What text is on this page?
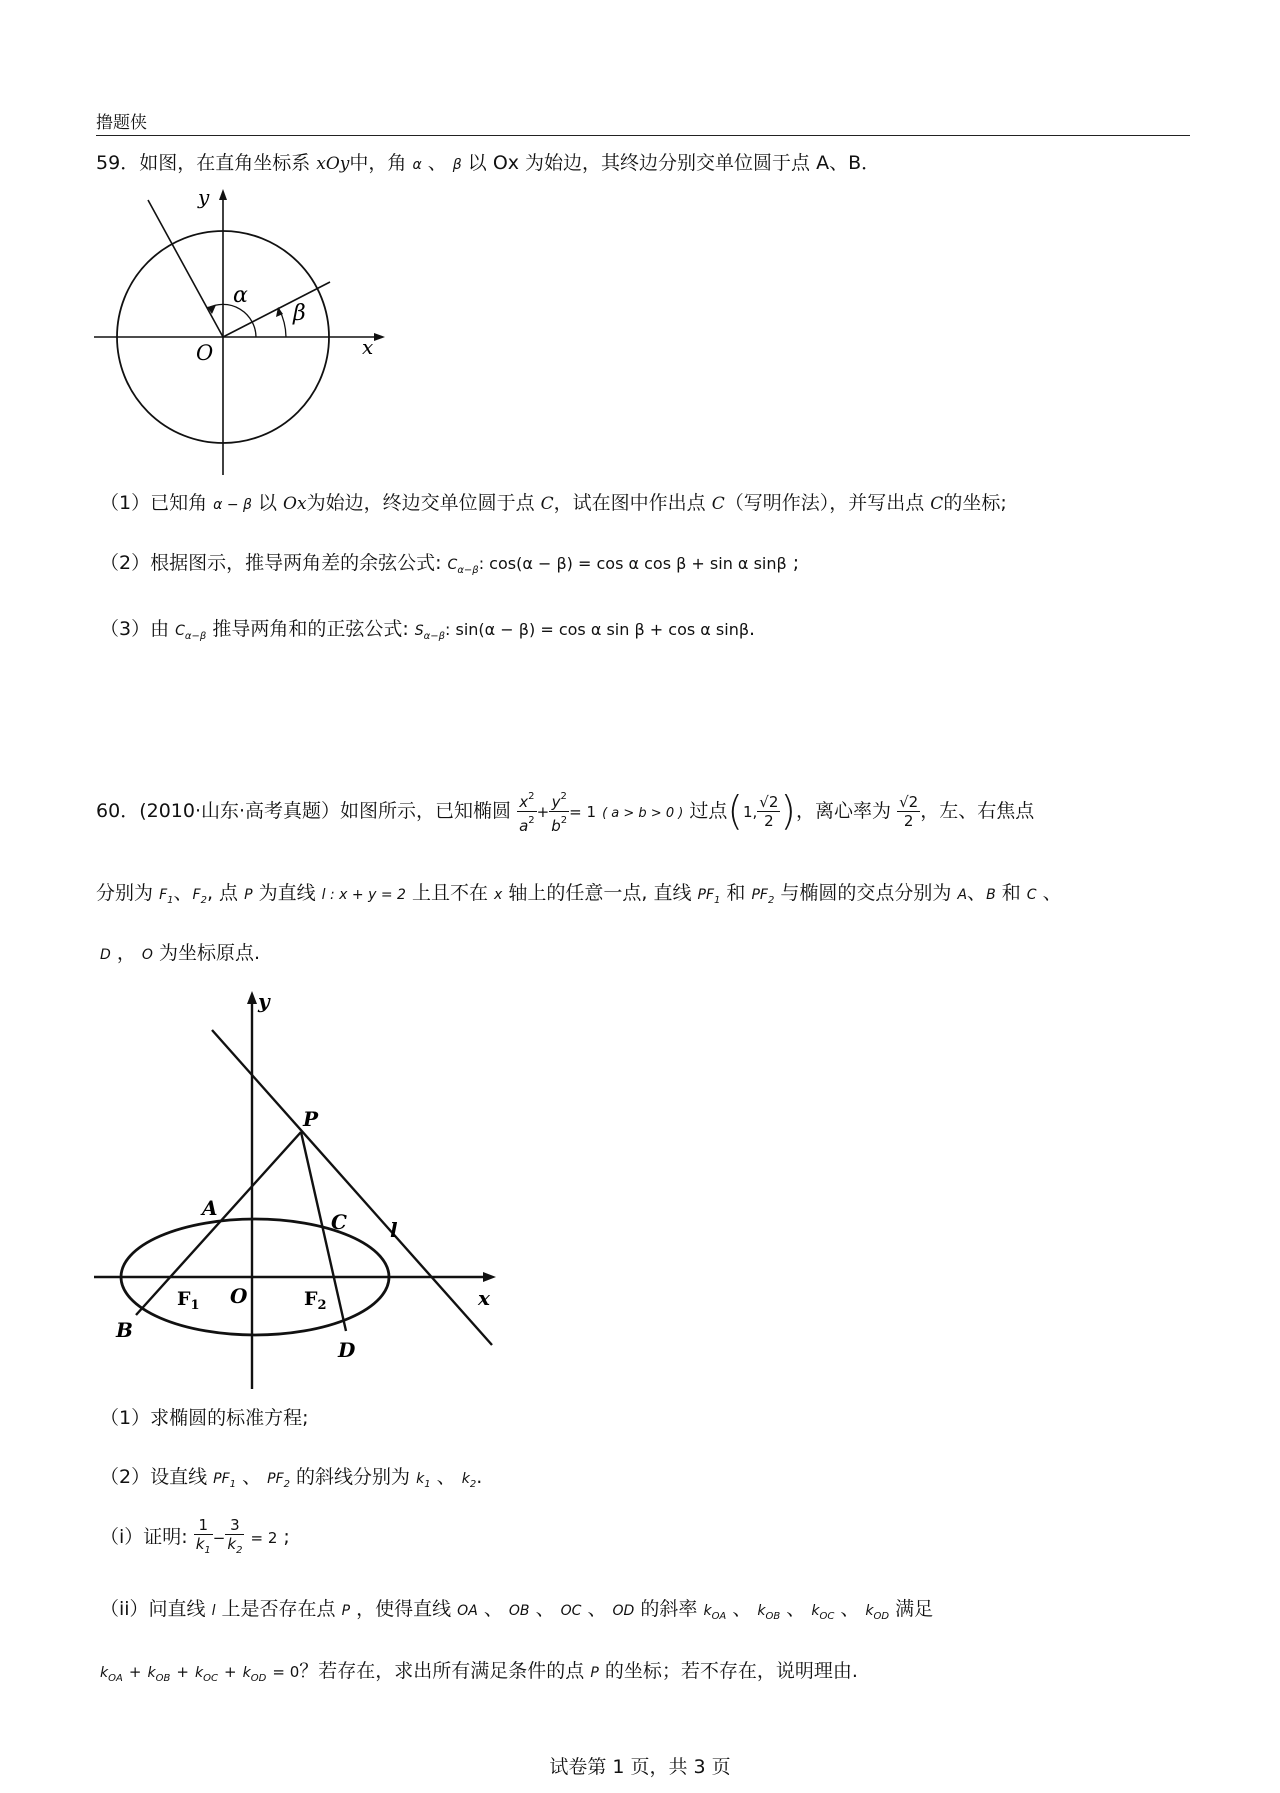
撸题侠
59．如图，在直角坐标系 xOy中，角 α 、 β 以 Ox 为始边，其终边分别交单位圆于点 A、B．
y
x
O
α
β
（1）已知角 α − β 以 Ox为始边，终边交单位圆于点 C，试在图中作出点 C（写明作法），并写出点 C的坐标;
（2）根据图示，推导两角差的余弦公式: $C_{\alpha-\beta}$: cos(α − β) = cos α cos β + sin α sinβ ;
（3）由 $C_{\alpha-\beta}$ 推导两角和的正弦公式: $S_{\alpha-\beta}$: sin(α − β) = cos α sin β + cos α sinβ.
60．(2010·山东·高考真题）如图所示，已知椭圆 $\frac{x^2}{a^2} + \frac{y^2}{b^2} = 1$ ( a > b > 0 ) 过点(1, $\frac{√2}{2}$ )，离心率为 $\frac{√2}{2}$ ，左、右焦点
分别为 $F_1$、$F_2$, 点 P 为直线 l : x + y = 2 上且不在 x 轴上的任意一点, 直线 $PF_1$ 和 $PF_2$ 与椭圆的交点分别为 A、B 和 C 、
D ， O 为坐标原点.
y
x
P
A
C l
$F_1$ O	$F_2$
B
D
（1）求椭圆的标准方程;
（2）设直线 $PF_1$ 、 $PF_2$ 的斜线分别为 $k_1$ 、 $k_2$.
（i）证明: $\frac{1}{k_1} - \frac{3}{k_2} = 2$ ;
（ii）问直线 l 上是否存在点 P ，使得直线 OA 、 OB 、 OC 、 OD 的斜率 $k_{OA}$ 、 $k_{OB}$ 、 $k_{OC}$ 、 $k_{OD}$ 满足
$k_{OA} + k_{OB} + k_{OC} + k_{OD} = 0$？若存在，求出所有满足条件的点 P 的坐标；若不存在，说明理由.
试卷第 1 页，共 3 页
